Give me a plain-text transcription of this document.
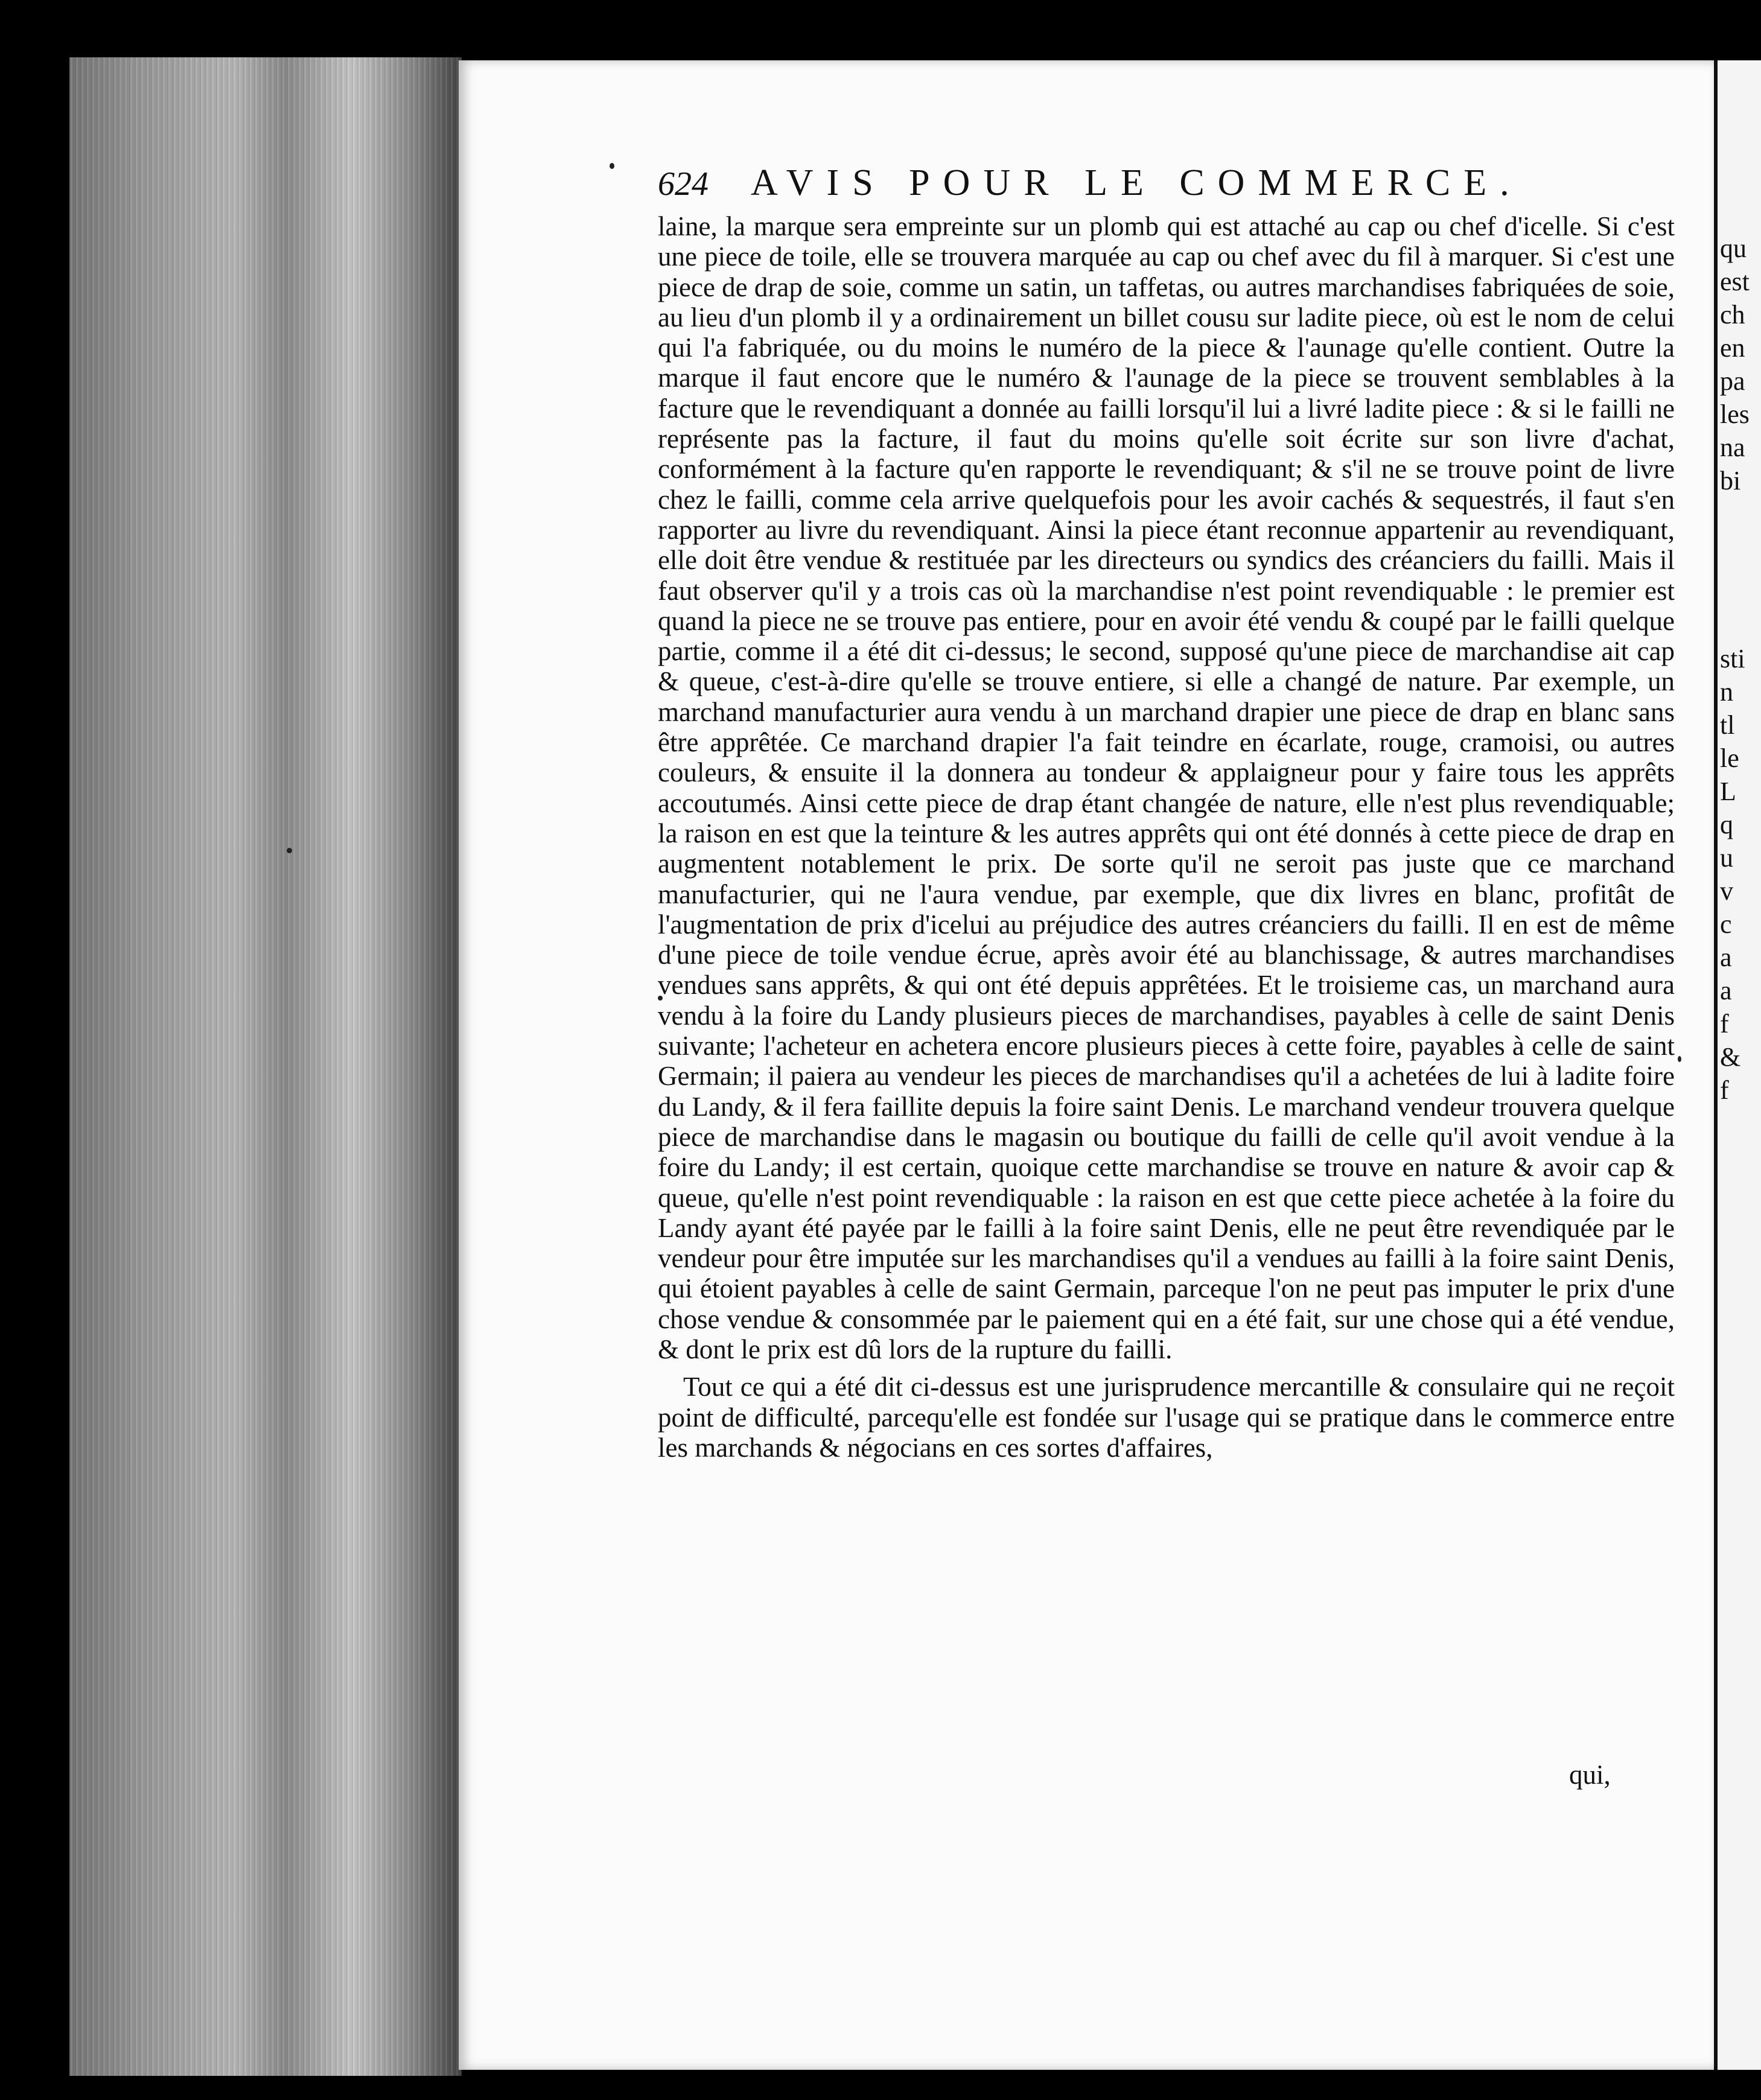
qu
est
ch
en
pa
les
na
bi
sti
n
tl
le
L
q
u
v
c
a
a
f
&
f
624 AVIS POUR LE COMMERCE.

laine, la marque sera empreinte sur un plomb qui est attaché au cap ou chef d'icelle. Si c'est une piece de toile, elle se trouvera marquée au cap ou chef avec du fil à marquer. Si c'est une piece de drap de soie, comme un satin, un taffetas, ou autres marchandises fabriquées de soie, au lieu d'un plomb il y a ordinairement un billet cousu sur ladite piece, où est le nom de celui qui l'a fabriquée, ou du moins le numéro de la piece & l'aunage qu'elle contient. Outre la marque il faut encore que le numéro & l'aunage de la piece se trouvent semblables à la facture que le revendiquant a donnée au failli lorsqu'il lui a livré ladite piece : & si le failli ne représente pas la facture, il faut du moins qu'elle soit écrite sur son livre d'achat, conformément à la facture qu'en rapporte le revendiquant; & s'il ne se trouve point de livre chez le failli, comme cela arrive quelquefois pour les avoir cachés & sequestrés, il faut s'en rapporter au livre du revendiquant. Ainsi la piece étant reconnue appartenir au revendiquant, elle doit être vendue & restituée par les directeurs ou syndics des créanciers du failli. Mais il faut observer qu'il y a trois cas où la marchandise n'est point revendiquable : le premier est quand la piece ne se trouve pas entiere, pour en avoir été vendu & coupé par le failli quelque partie, comme il a été dit ci-dessus; le second, supposé qu'une piece de marchandise ait cap & queue, c'est-à-dire qu'elle se trouve entiere, si elle a changé de nature. Par exemple, un marchand manufacturier aura vendu à un marchand drapier une piece de drap en blanc sans être apprêtée. Ce marchand drapier l'a fait teindre en écarlate, rouge, cramoisi, ou autres couleurs, & ensuite il la donnera au tondeur & applaigneur pour y faire tous les apprêts accoutumés. Ainsi cette piece de drap étant changée de nature, elle n'est plus revendiquable; la raison en est que la teinture & les autres apprêts qui ont été donnés à cette piece de drap en augmentent notablement le prix. De sorte qu'il ne seroit pas juste que ce marchand manufacturier, qui ne l'aura vendue, par exemple, que dix livres en blanc, profitât de l'augmentation de prix d'icelui au préjudice des autres créanciers du failli. Il en est de même d'une piece de toile vendue écrue, après avoir été au blanchissage, & autres marchandises vendues sans apprêts, & qui ont été depuis apprêtées. Et le troisieme cas, un marchand aura vendu à la foire du Landy plusieurs pieces de marchandises, payables à celle de saint Denis suivante; l'acheteur en achetera encore plusieurs pieces à cette foire, payables à celle de saint Germain; il paiera au vendeur les pieces de marchandises qu'il a achetées de lui à ladite foire du Landy, & il fera faillite depuis la foire saint Denis. Le marchand vendeur trouvera quelque piece de marchandise dans le magasin ou boutique du failli de celle qu'il avoit vendue à la foire du Landy; il est certain, quoique cette marchandise se trouve en nature & avoir cap & queue, qu'elle n'est point revendiquable : la raison en est que cette piece achetée à la foire du Landy ayant été payée par le failli à la foire saint Denis, elle ne peut être revendiquée par le vendeur pour être imputée sur les marchandises qu'il a vendues au failli à la foire saint Denis, qui étoient payables à celle de saint Germain, parceque l'on ne peut pas imputer le prix d'une chose vendue & consommée par le paiement qui en a été fait, sur une chose qui a été vendue, & dont le prix est dû lors de la rupture du failli.

Tout ce qui a été dit ci-dessus est une jurisprudence mercantille & consulaire qui ne reçoit point de difficulté, parcequ'elle est fondée sur l'usage qui se pratique dans le commerce entre les marchands & négocians en ces sortes d'affaires,

qui,
